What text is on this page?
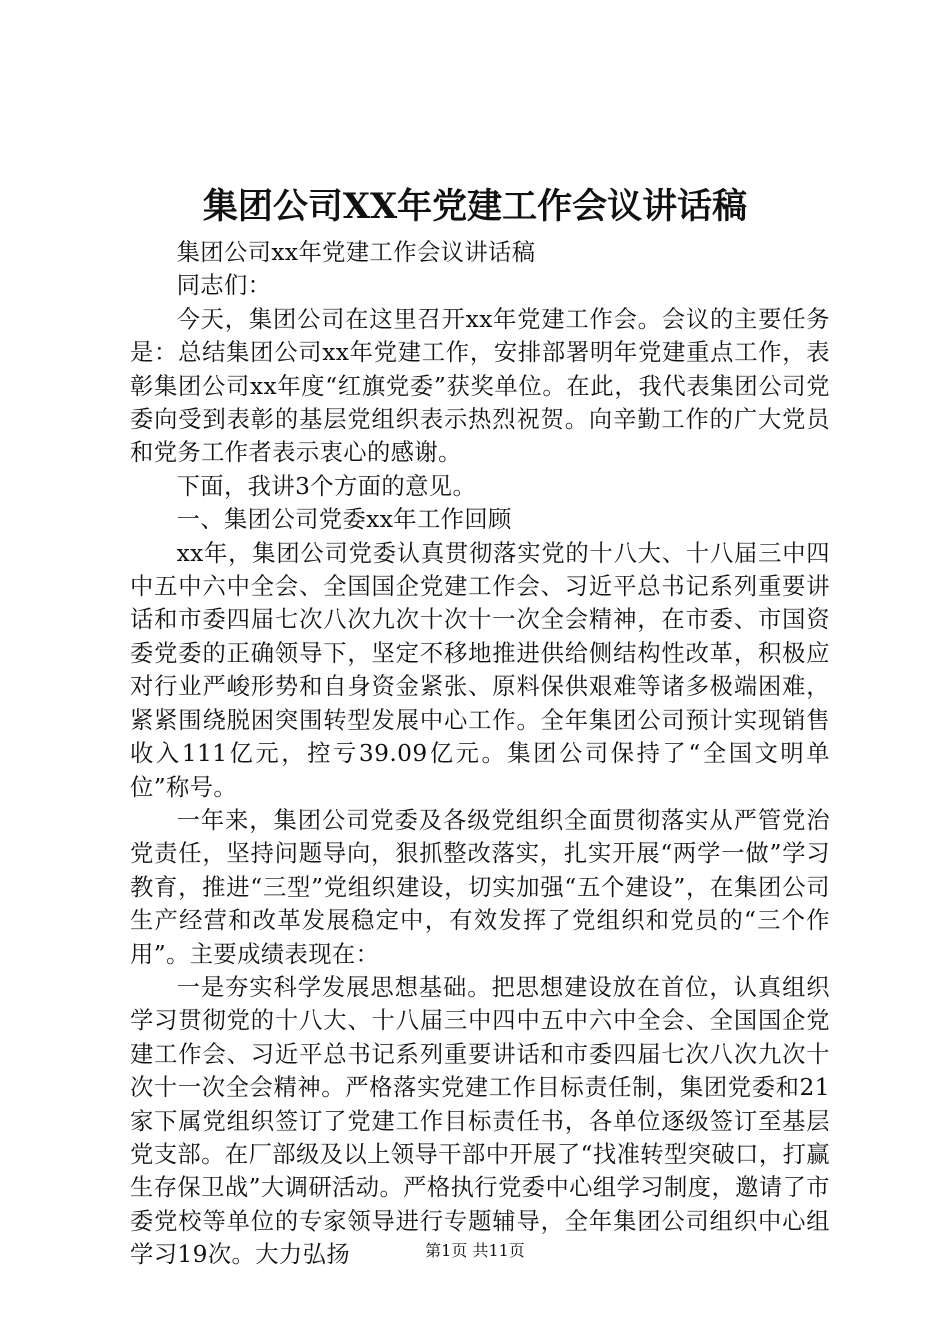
集团公司XX年党建工作会议讲话稿

集团公司xx年党建工作会议讲话稿

同志们：

今天，集团公司在这里召开xx年党建工作会。会议的主要任务是：总结集团公司xx年党建工作，安排部署明年党建重点工作，表彰集团公司xx年度“红旗党委”获奖单位。在此，我代表集团公司党委向受到表彰的基层党组织表示热烈祝贺。向辛勤工作的广大党员和党务工作者表示衷心的感谢。

下面，我讲3个方面的意见。

一、集团公司党委xx年工作回顾

xx年，集团公司党委认真贯彻落实党的十八大、十八届三中四中五中六中全会、全国国企党建工作会、习近平总书记系列重要讲话和市委四届七次八次九次十次十一次全会精神，在市委、市国资委党委的正确领导下，坚定不移地推进供给侧结构性改革，积极应对行业严峻形势和自身资金紧张、原料保供艰难等诸多极端困难，紧紧围绕脱困突围转型发展中心工作。全年集团公司预计实现销售收入111亿元，控亏39.09亿元。集团公司保持了“全国文明单位”称号。

一年来，集团公司党委及各级党组织全面贯彻落实从严管党治党责任，坚持问题导向，狠抓整改落实，扎实开展“两学一做”学习教育，推进“三型”党组织建设，切实加强“五个建设”，在集团公司生产经营和改革发展稳定中，有效发挥了党组织和党员的“三个作用”。主要成绩表现在：

一是夯实科学发展思想基础。把思想建设放在首位，认真组织学习贯彻党的十八大、十八届三中四中五中六中全会、全国国企党建工作会、习近平总书记系列重要讲话和市委四届七次八次九次十次十一次全会精神。严格落实党建工作目标责任制，集团党委和21家下属党组织签订了党建工作目标责任书，各单位逐级签订至基层党支部。在厂部级及以上领导干部中开展了“找准转型突破口，打赢生存保卫战”大调研活动。严格执行党委中心组学习制度，邀请了市委党校等单位的专家领导进行专题辅导，全年集团公司组织中心组学习19次。大力弘扬	第1页 共11页
